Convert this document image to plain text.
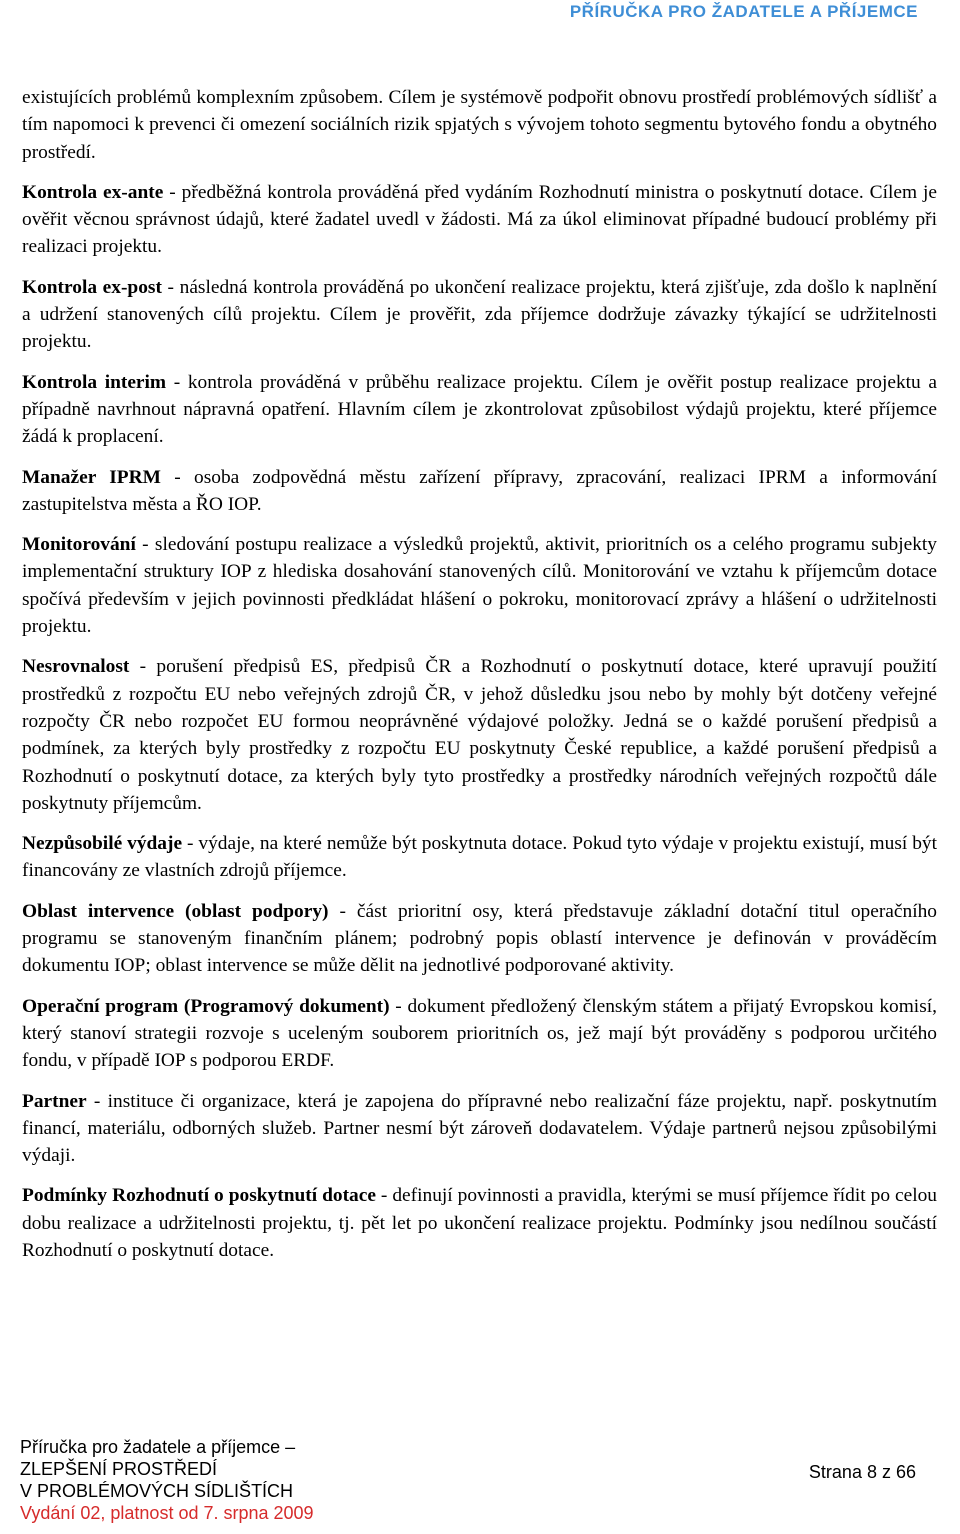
PŘÍRUČKA PRO ŽADATELE A PŘÍJEMCE

existujících problémů komplexním způsobem. Cílem je systémově podpořit obnovu prostředí problémových sídlišť a tím napomoci k prevenci či omezení sociálních rizik spjatých s vývojem tohoto segmentu bytového fondu a obytného prostředí.

Kontrola ex-ante - předběžná kontrola prováděná před vydáním Rozhodnutí ministra o poskytnutí dotace. Cílem je ověřit věcnou správnost údajů, které žadatel uvedl v žádosti. Má za úkol eliminovat případné budoucí problémy při realizaci projektu.

Kontrola ex-post - následná kontrola prováděná po ukončení realizace projektu, která zjišťuje, zda došlo k naplnění a udržení stanovených cílů projektu. Cílem je prověřit, zda příjemce dodržuje závazky týkající se udržitelnosti projektu.

Kontrola interim - kontrola prováděná v průběhu realizace projektu. Cílem je ověřit postup realizace projektu a případně navrhnout nápravná opatření. Hlavním cílem je zkontrolovat způsobilost výdajů projektu, které příjemce žádá k proplacení.

Manažer IPRM - osoba zodpovědná městu zařízení přípravy, zpracování, realizaci IPRM a informování zastupitelstva města a ŘO IOP.

Monitorování - sledování postupu realizace a výsledků projektů, aktivit, prioritních os a celého programu subjekty implementační struktury IOP z hlediska dosahování stanovených cílů. Monitorování ve vztahu k příjemcům dotace spočívá především v jejich povinnosti předkládat hlášení o pokroku, monitorovací zprávy a hlášení o udržitelnosti projektu.

Nesrovnalost - porušení předpisů ES, předpisů ČR a Rozhodnutí o poskytnutí dotace, které upravují použití prostředků z rozpočtu EU nebo veřejných zdrojů ČR, v jehož důsledku jsou nebo by mohly být dotčeny veřejné rozpočty ČR nebo rozpočet EU formou neoprávněné výdajové položky. Jedná se o každé porušení předpisů a podmínek, za kterých byly prostředky z rozpočtu EU poskytnuty České republice, a každé porušení předpisů a Rozhodnutí o poskytnutí dotace, za kterých byly tyto prostředky a prostředky národních veřejných rozpočtů dále poskytnuty příjemcům.

Nezpůsobilé výdaje - výdaje, na které nemůže být poskytnuta dotace. Pokud tyto výdaje v projektu existují, musí být financovány ze vlastních zdrojů příjemce.

Oblast intervence (oblast podpory) - část prioritní osy, která představuje základní dotační titul operačního programu se stanoveným finančním plánem; podrobný popis oblastí intervence je definován v prováděcím dokumentu IOP; oblast intervence se může dělit na jednotlivé podporované aktivity.

Operační program (Programový dokument) - dokument předložený členským státem a přijatý Evropskou komisí, který stanoví strategii rozvoje s uceleným souborem prioritních os, jež mají být prováděny s podporou určitého fondu, v případě IOP s podporou ERDF.

Partner - instituce či organizace, která je zapojena do přípravné nebo realizační fáze projektu, např. poskytnutím financí, materiálu, odborných služeb. Partner nesmí být zároveň dodavatelem. Výdaje partnerů nejsou způsobilými výdaji.

Podmínky Rozhodnutí o poskytnutí dotace - definují povinnosti a pravidla, kterými se musí příjemce řídit po celou dobu realizace a udržitelnosti projektu, tj. pět let po ukončení realizace projektu. Podmínky jsou nedílnou součástí Rozhodnutí o poskytnutí dotace.

Příručka pro žadatele a příjemce –
ZLEPŠENÍ PROSTŘEDÍ
V PROBLÉMOVÝCH SÍDLIŠTÍCH
Vydání 02, platnost od 7. srpna 2009
Strana 8 z 66
